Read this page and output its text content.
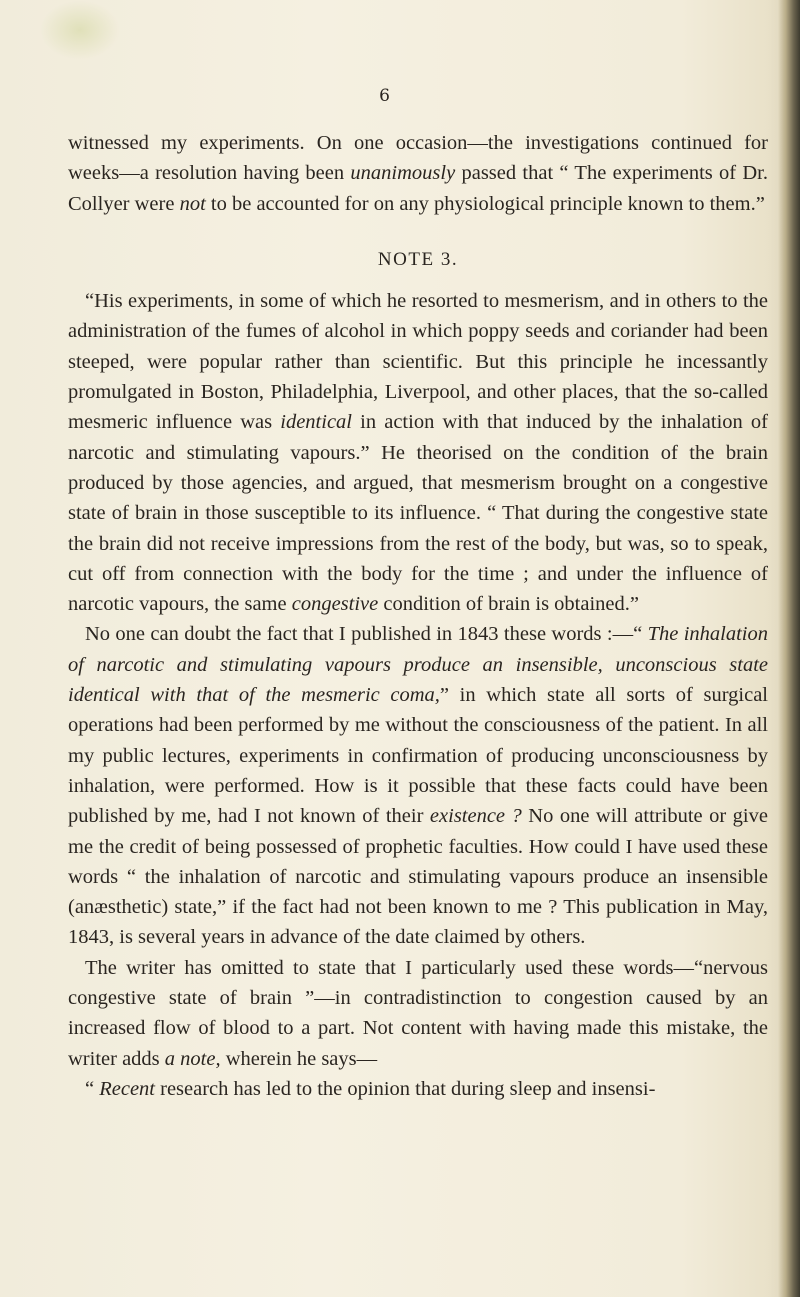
6

witnessed my experiments. On one occasion—the investigations continued for weeks—a resolution having been unanimously passed that “ The experiments of Dr. Collyer were not to be accounted for on any physiological principle known to them.”

NOTE 3.

“His experiments, in some of which he resorted to mesmerism, and in others to the administration of the fumes of alcohol in which poppy seeds and coriander had been steeped, were popular rather than scientific. But this principle he incessantly promulgated in Boston, Philadelphia, Liverpool, and other places, that the so-called mesmeric influence was identical in action with that induced by the inhalation of narcotic and stimulating vapours.” He theorised on the condition of the brain produced by those agencies, and argued, that mesmerism brought on a congestive state of brain in those susceptible to its influence. “ That during the congestive state the brain did not receive impressions from the rest of the body, but was, so to speak, cut off from connection with the body for the time ; and under the influence of narcotic vapours, the same congestive condition of brain is obtained.”

No one can doubt the fact that I published in 1843 these words :—“ The inhalation of narcotic and stimulating vapours produce an insensible, unconscious state identical with that of the mesmeric coma,” in which state all sorts of surgical operations had been performed by me without the consciousness of the patient. In all my public lectures, experiments in confirmation of producing unconsciousness by inhalation, were performed. How is it possible that these facts could have been published by me, had I not known of their existence ? No one will attribute or give me the credit of being possessed of prophetic faculties. How could I have used these words “ the inhalation of narcotic and stimulating vapours produce an insensible (anæsthetic) state,” if the fact had not been known to me ? This publication in May, 1843, is several years in advance of the date claimed by others.

The writer has omitted to state that I particularly used these words—“nervous congestive state of brain ”—in contradistinction to congestion caused by an increased flow of blood to a part. Not content with having made this mistake, the writer adds a note, wherein he says—

“ Recent research has led to the opinion that during sleep and insensi-
